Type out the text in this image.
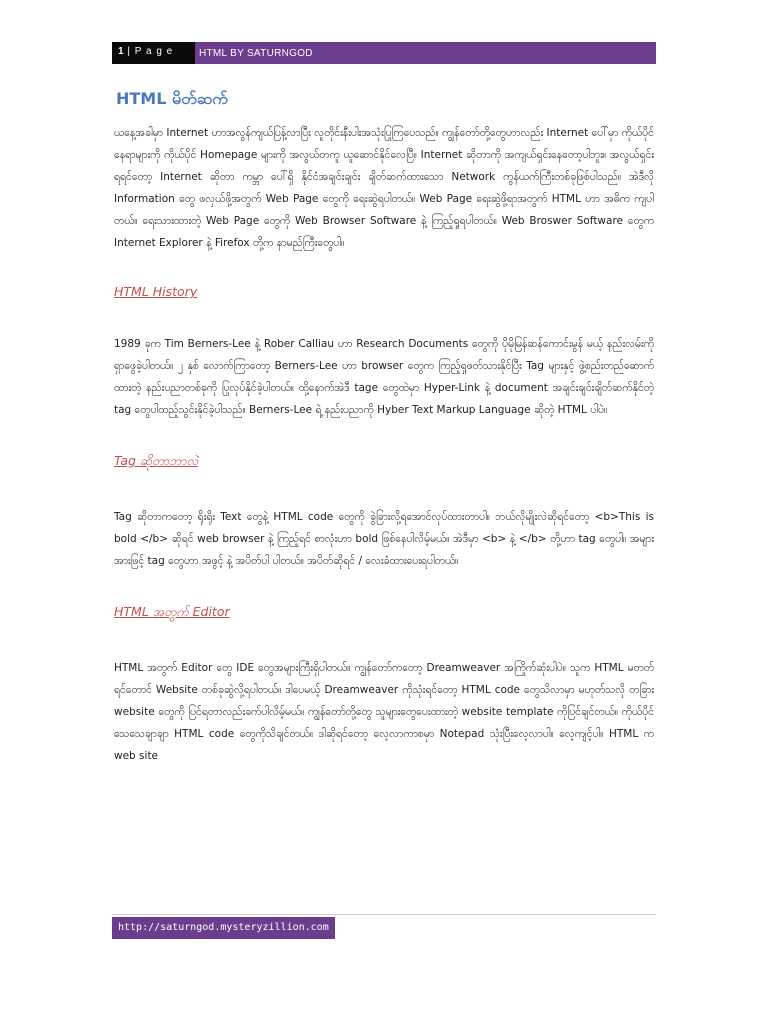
1 | P a g e	HTML BY SATURNGOD
HTML မိတ်ဆက်

ယနေ့အခါမှာ Internet ဟာအလွန်ကျယ်ပြန့်လာပြီး လူတိုင်းနီးပါးအသုံးပြုကြပေသည်။ ကျွန်တော်တို့တွေဟာလည်း Internet ပေါ်မှာ ကိုယ်ပိုင်နေရာများကို ကိုယ်ပိုင် Homepage များကို အလွယ်တကူ ယူဆောင်နိုင်လေပြီ။ Internet ဆိုတာကို အကျယ်ရှင်းနေတော့ပါဘူး။ အလွယ်ရှင်းရရင်တော့ Internet ဆိုတာ ကမ္ဘာ ပေါ်ရှိ နိုင်ငံအချင်းချင်း ချိတ်ဆက်ထားသော Network ကွန်ယက်ကြီးတစ်ခုဖြစ်ပါသည်။ အဲဒီလို Information တွေ ဖလှယ်ဖို့အတွက် Web Page တွေကို ရေးဆွဲရပါတယ်။ Web Page ရေးဆွဲဖို့ရာအတွက် HTML ဟာ အဓိက ကျပါတယ်။ ရေးသားထားတဲ့ Web Page တွေကို Web Browser Software နဲ့ ကြည့်ရှုရပါတယ်။ Web Broswer Software တွေက Internet Explorer နဲ့ Firefox တို့က နာမည်ကြီးတွေပါ။

HTML History

1989 ခုက Tim Berners-Lee နဲ့ Rober Calliau ဟာ Research Documents တွေကို ပိုမိုမြန်ဆန်ကောင်းမွန် မယ့် နည်းလမ်းကို ရှာဖွေခဲ့ပါတယ်။ ၂ နှစ် လောက်ကြာတော့ Berners-Lee ဟာ browser တွေက ကြည့်ရှုဖတ်သားနိုင်ပြီး Tag များနှင့် ဖွဲ့စည်းတည်ဆောက်ထားတဲ့ နည်းပညာတစ်ခုကို ပြုလုပ်နိုင်ခဲ့ပါတယ်။ ထို့နောက်အဲဒီ tage တွေထဲမှာ Hyper-Link နဲ့ document အချင်းချင်းချိတ်ဆက်နိုင်တဲ့ tag တွေပါထည့်သွင်းနိုင်ခဲ့ပါသည်။ Berners-Lee ရဲ့ နည်းပညာကို Hyber Text Markup Language ဆိုတဲ့ HTML ပါပဲ။

Tag ဆိုတာဘာလဲ

Tag ဆိုတာကတော့ ရိုးရိုး Text တွေနဲ့ HTML code တွေကို ခွဲခြားလို့ရအောင်လုပ်ထားတာပါ။ ဘယ်လိုမျိုးလဲဆိုရင်တော့ <b>This is bold </b> ဆိုရင် web browser နဲ့ ကြည့်ရင် စာလုံးဟာ bold ဖြစ်နေပါလိမ့်မယ်။ အဲဒီမှာ <b> နဲ့ </b> တို့ဟာ tag တွေပါ။ အများအားဖြင့် tag တွေဟာ အဖွင့် နဲ့ အပိတ်ပါ ပါတယ်။ အပိတ်ဆိုရင် / လေးခံထားပေးရပါတယ်။

HTML အတွက် Editor

HTML အတွက် Editor တွေ IDE တွေအများကြီးရှိပါတယ်။ ကျွန်တော်ကတော့ Dreamweaver အကြိုက်ဆုံးပါပဲ။ သူက HTML မတတ်ရင်တောင် Website တစ်ခုဆွဲလို့ရပါတယ်။ ဒါပေမယ့် Dreamweaver ကိုသုံးရင်တော့ HTML code တွေသိလာမှာ မဟုတ်သလို တခြား website တွေကို ပြင်ရတာလည်းခက်ပါလိမ့်မယ်။ ကျွန်တော်တို့တွေ သူများတွေပေးထားတဲ့ website template ကိုပြင်ချင်တယ်။ ကိုယ်ပိုင်သေသေချာချာ HTML code တွေကိုသိချင်တယ်။ ဒါဆိုရင်တော့ လေ့လာကာစမှာ Notepad သုံးပြီးလေ့လာပါ။ လေ့ကျင့်ပါ။ HTML က web site

http://saturngod.mysteryzillion.com
